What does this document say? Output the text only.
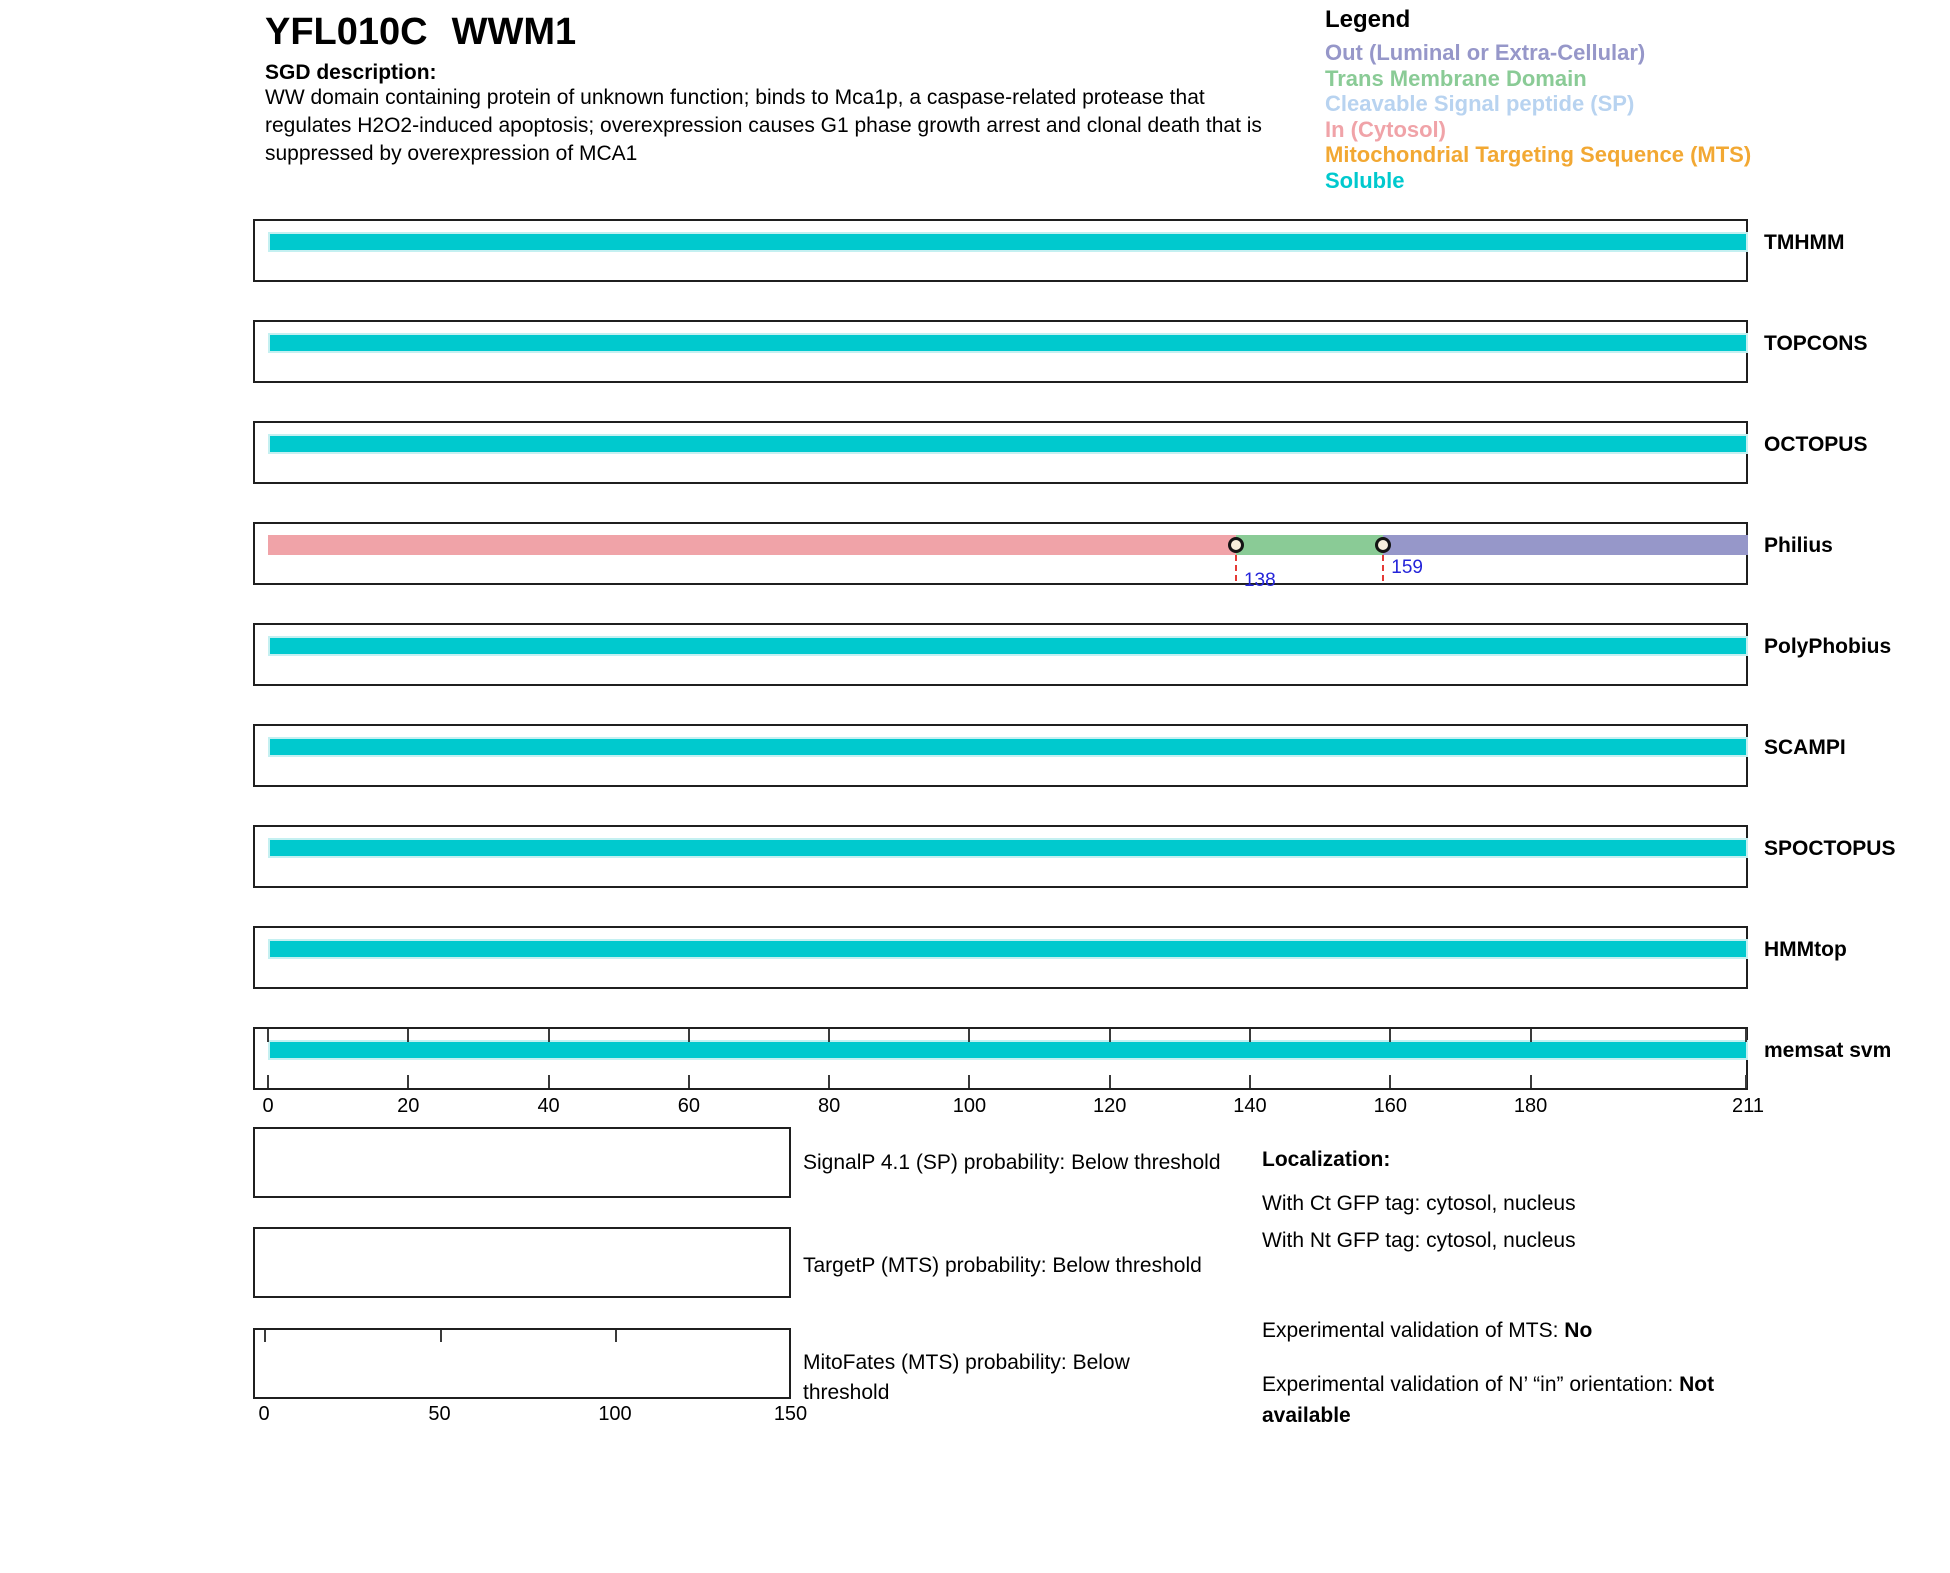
YFL010C WWM1
SGD description:
WW domain containing protein of unknown function; binds to Mca1p, a caspase-related protease that
regulates H2O2-induced apoptosis; overexpression causes G1 phase growth arrest and clonal death that is
suppressed by overexpression of MCA1
Legend
Out (Luminal or Extra-Cellular)
Trans Membrane Domain
Cleavable Signal peptide (SP)
In (Cytosol)
Mitochondrial Targeting Sequence (MTS)
Soluble
TMHMM
TOPCONS
OCTOPUS
138
159
Philius
PolyPhobius
SCAMPI
SPOCTOPUS
HMMtop
memsat svm
0	20	40	60	80	100	120	140	160	180	211
SignalP 4.1 (SP) probability: Below threshold
TargetP (MTS) probability: Below threshold
MitoFates (MTS) probability: Below threshold
0	50	100	150
Localization:
With Ct GFP tag: cytosol, nucleus
With Nt GFP tag: cytosol, nucleus
Experimental validation of MTS: No
Experimental validation of N’ “in” orientation: Not available
